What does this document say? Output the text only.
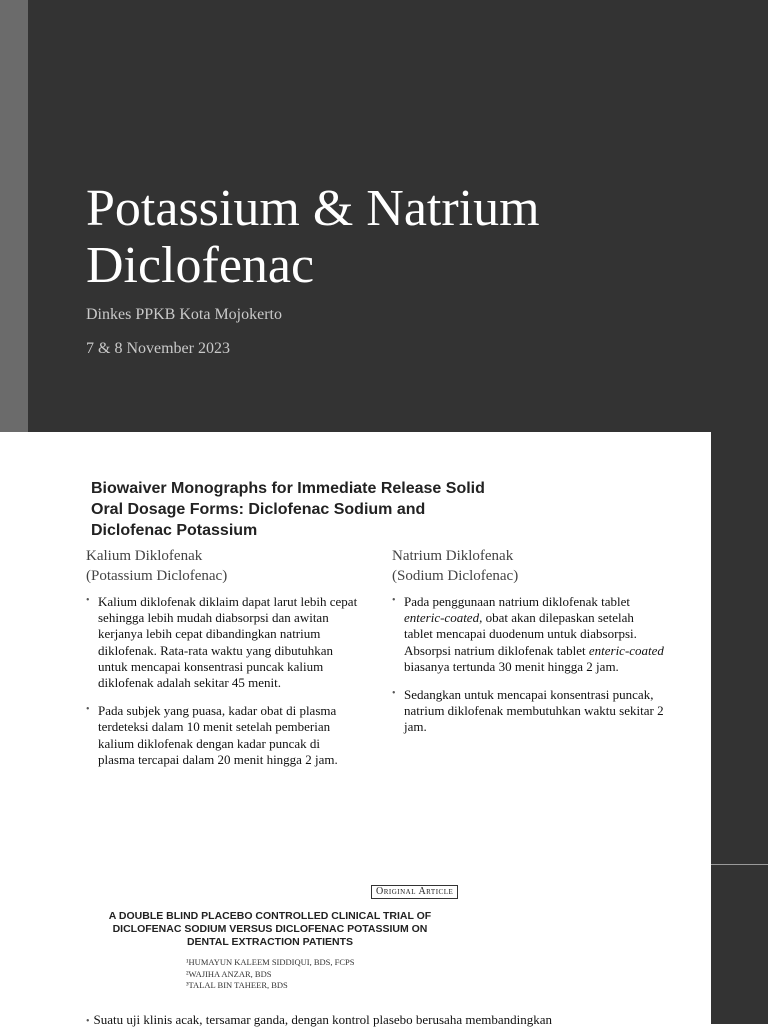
Potassium & Natrium
Diclofenac
Dinkes PPKB Kota Mojokerto
7 & 8 November 2023
Biowaiver Monographs for Immediate Release Solid
Oral Dosage Forms: Diclofenac Sodium and
Diclofenac Potassium
Kalium Diklofenak
(Potassium Diclofenac)
Natrium Diklofenak
(Sodium Diclofenac)
• Kalium diklofenak diklaim dapat larut lebih cepat sehingga lebih mudah diabsorpsi dan awitan kerjanya lebih cepat dibandingkan natrium diklofenak. Rata-rata waktu yang dibutuhkan untuk mencapai konsentrasi puncak kalium diklofenak adalah sekitar 45 menit.
• Pada subjek yang puasa, kadar obat di plasma terdeteksi dalam 10 menit setelah pemberian kalium diklofenak dengan kadar puncak di plasma tercapai dalam 20 menit hingga 2 jam.
• Pada penggunaan natrium diklofenak tablet enteric-coated, obat akan dilepaskan setelah tablet mencapai duodenum untuk diabsorpsi. Absorpsi natrium diklofenak tablet enteric-coated biasanya tertunda 30 menit hingga 2 jam.
• Sedangkan untuk mencapai konsentrasi puncak, natrium diklofenak membutuhkan waktu sekitar 2 jam.
Original Article
A DOUBLE BLIND PLACEBO CONTROLLED CLINICAL TRIAL OF
DICLOFENAC SODIUM VERSUS DICLOFENAC POTASSIUM ON
DENTAL EXTRACTION PATIENTS
¹HUMAYUN KALEEM SIDDIQUI, BDS, FCPS
²WAJIHA ANZAR, BDS
³TALAL BIN TAHEER, BDS
• Suatu uji klinis acak, tersamar ganda, dengan kontrol plasebo berusaha membandingkan
